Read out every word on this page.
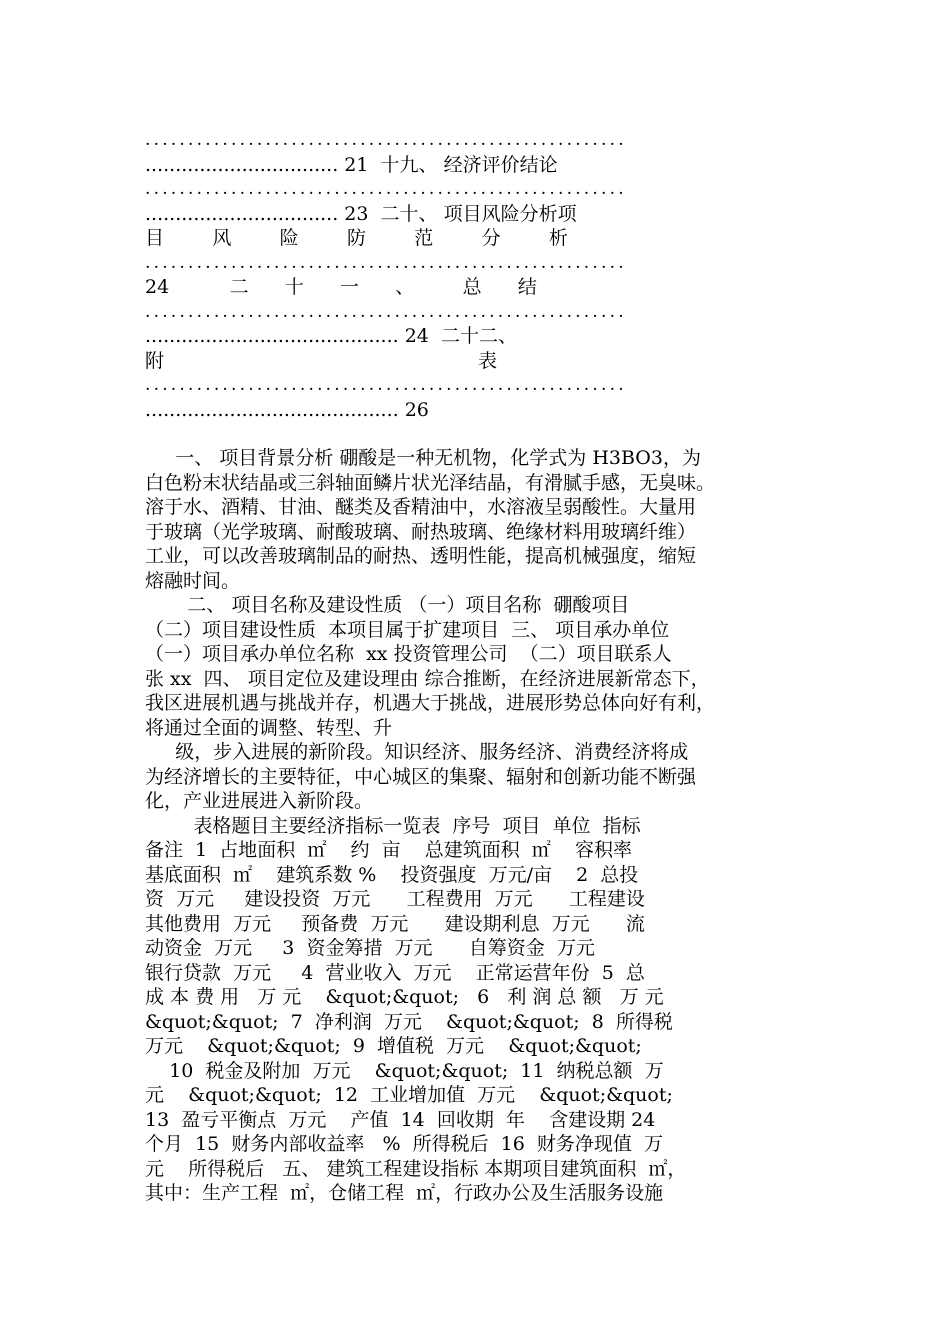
........................................................
................................ 21  十九、 经济评价结论
........................................................
................................ 23  二十、 项目风险分析项
目        风        险        防        范        分        析
........................................................
24          二      十      一      、        总      结
........................................................
.......................................... 24  二十二、
附                                                    表
........................................................
.......................................... 26
一、 项目背景分析 硼酸是一种无机物，化学式为 H3BO3，为
白色粉末状结晶或三斜轴面鳞片状光泽结晶，有滑腻手感，无臭味。
溶于水、酒精、甘油、醚类及香精油中，水溶液呈弱酸性。大量用
于玻璃（光学玻璃、耐酸玻璃、耐热玻璃、绝缘材料用玻璃纤维）
工业，可以改善玻璃制品的耐热、透明性能，提高机械强度，缩短
熔融时间。
二、 项目名称及建设性质 （一）项目名称  硼酸项目
（二）项目建设性质  本项目属于扩建项目  三、 项目承办单位
（一）项目承办单位名称  xx 投资管理公司  （二）项目联系人
张 xx  四、 项目定位及建设理由 综合推断，在经济进展新常态下，
我区进展机遇与挑战并存，机遇大于挑战，进展形势总体向好有利，
将通过全面的调整、转型、升
级，步入进展的新阶段。知识经济、服务经济、消费经济将成
为经济增长的主要特征，中心城区的集聚、辐射和创新功能不断强
化，产业进展进入新阶段。
表格题目主要经济指标一览表  序号  项目  单位  指标
备注  1  占地面积  ㎡    约  亩    总建筑面积  ㎡    容积率
基底面积  ㎡    建筑系数 %    投资强度  万元/亩    2  总投
资  万元     建设投资  万元      工程费用  万元      工程建设
其他费用  万元     预备费  万元      建设期利息  万元      流
动资金  万元     3  资金筹措  万元      自筹资金  万元
银行贷款  万元     4  营业收入  万元    正常运营年份  5  总
成 本 费 用   万 元    &quot;&quot;   6   利 润 总 额   万 元
&quot;&quot;  7  净利润  万元    &quot;&quot;  8  所得税
万元    &quot;&quot;  9  增值税  万元    &quot;&quot;
10  税金及附加  万元    &quot;&quot;  11  纳税总额  万
元    &quot;&quot;  12  工业增加值  万元    &quot;&quot;
13  盈亏平衡点  万元    产值  14  回收期  年    含建设期 24
个月  15  财务内部收益率   %  所得税后  16  财务净现值  万
元    所得税后   五、 建筑工程建设指标 本期项目建筑面积  ㎡，
其中：生产工程  ㎡，仓储工程  ㎡，行政办公及生活服务设施
